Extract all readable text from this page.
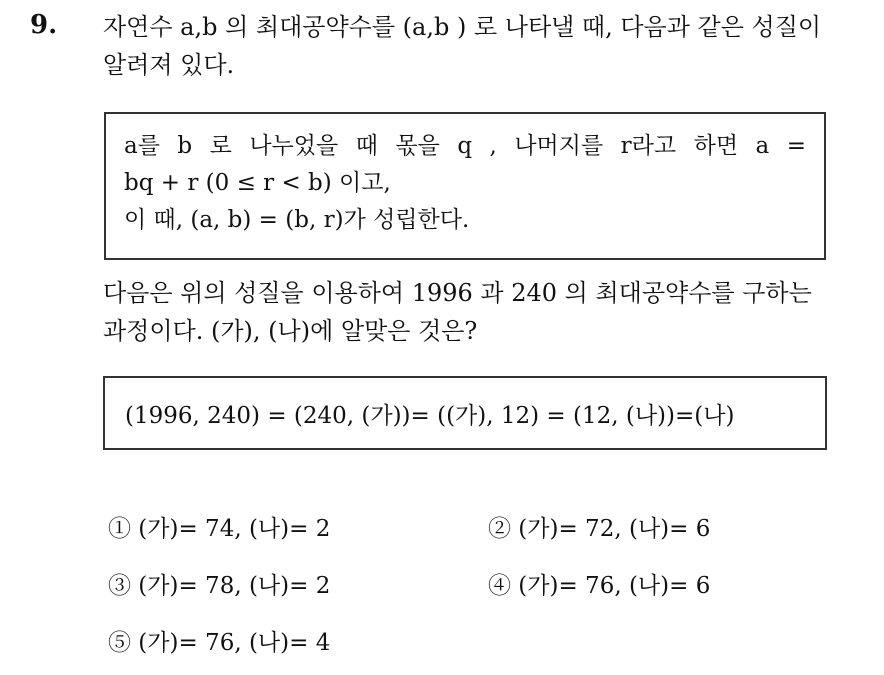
9. 자연수 a,b 의 최대공약수를 (a,b ) 로 나타낼 때, 다음과 같은 성질이
알려져 있다.
a를 b 로 나누었을 때 몫을 q , 나머지를 r라고 하면 a =
bq + r (0 ≤ r < b) 이고,
이 때, (a, b) = (b, r)가 성립한다.
다음은 위의 성질을 이용하여 1996 과 240 의 최대공약수를 구하는
과정이다. (가), (나)에 알맞은 것은?
(1996, 240) = (240, (가))= ((가), 12) = (12, (나))=(나)
① (가)= 74, (나)= 2	② (가)= 72, (나)= 6
③ (가)= 78, (나)= 2	④ (가)= 76, (나)= 6
⑤ (가)= 76, (나)= 4
